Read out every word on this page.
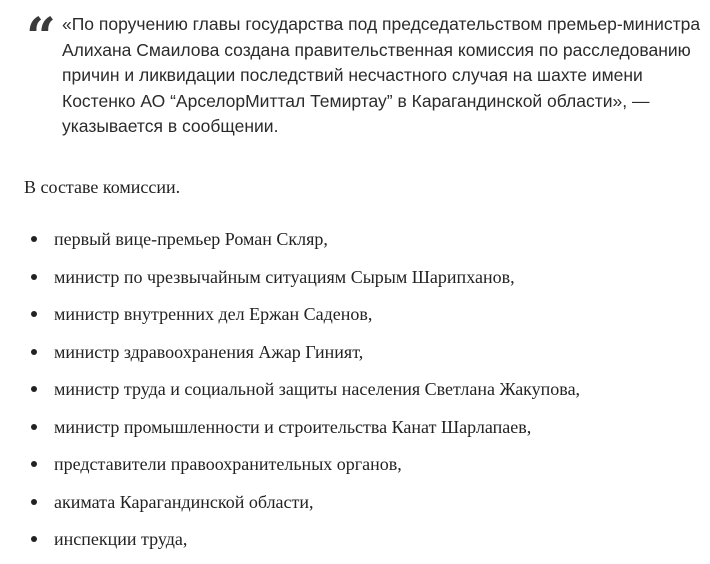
“ «По поручению главы государства под председательством премьер-министра Алихана Смаилова создана правительственная комиссия по расследованию причин и ликвидации последствий несчастного случая на шахте имени Костенко АО “АрселорМиттал Темиртау” в Карагандинской области», — указывается в сообщении.

В составе комиссии.

первый вице-премьер Роман Скляр,
министр по чрезвычайным ситуациям Сырым Шарипханов,
министр внутренних дел Ержан Саденов,
министр здравоохранения Ажар Гиният,
министр труда и социальной защиты населения Светлана Жакупова,
министр промышленности и строительства Канат Шарлапаев,
представители правоохранительных органов,
акимата Карагандинской области,
инспекции труда,
